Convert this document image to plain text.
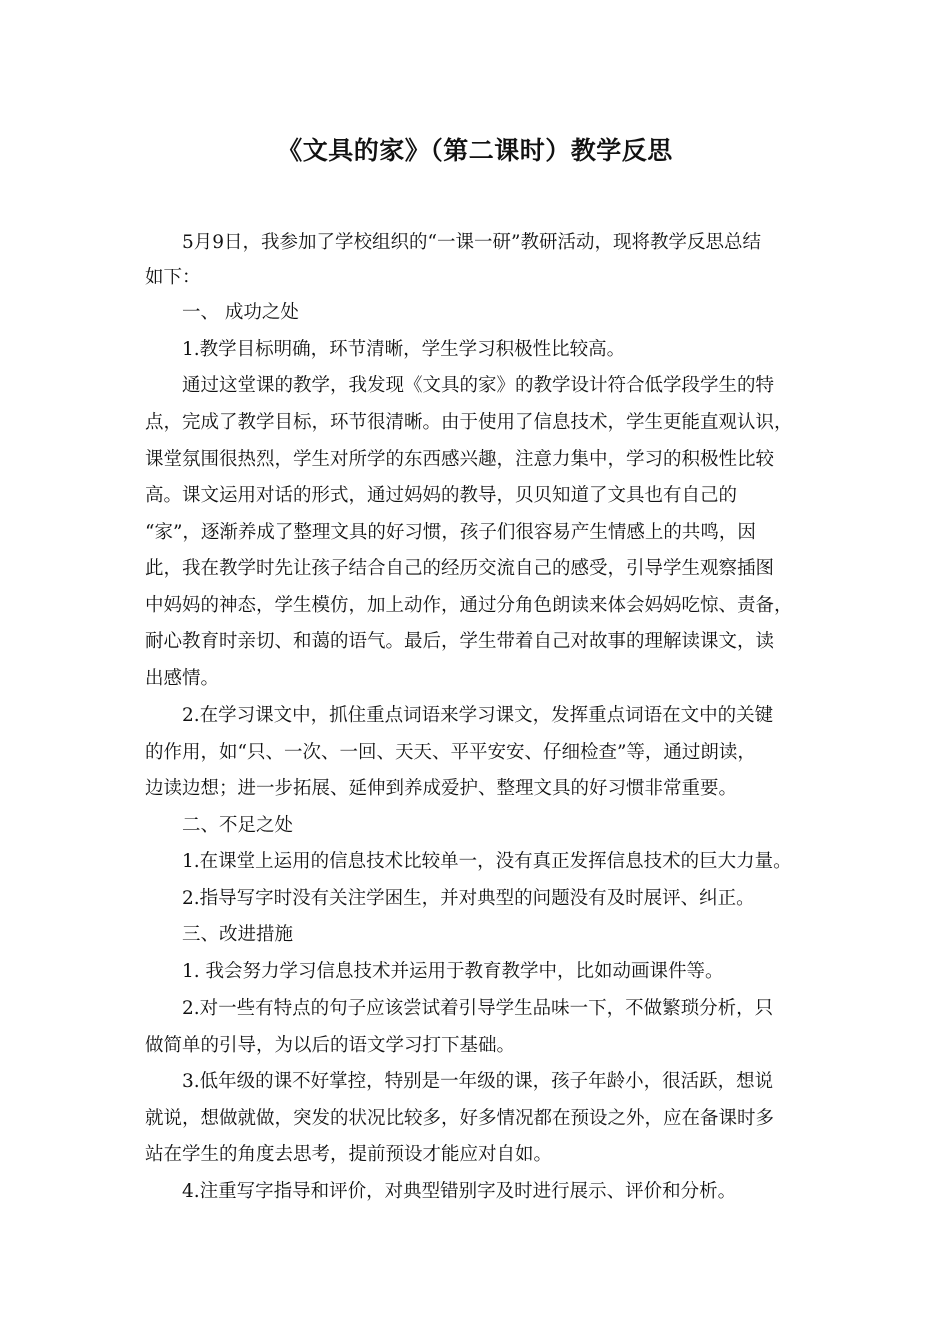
《文具的家》（第二课时）教学反思
5月9日，我参加了学校组织的“一课一研”教研活动，现将教学反思总结
如下：
一、 成功之处
1.教学目标明确，环节清晰，学生学习积极性比较高。
通过这堂课的教学，我发现《文具的家》的教学设计符合低学段学生的特
点，完成了教学目标，环节很清晰。由于使用了信息技术，学生更能直观认识，
课堂氛围很热烈，学生对所学的东西感兴趣，注意力集中，学习的积极性比较
高。课文运用对话的形式，通过妈妈的教导，贝贝知道了文具也有自己的
“家”，逐渐养成了整理文具的好习惯，孩子们很容易产生情感上的共鸣，因
此，我在教学时先让孩子结合自己的经历交流自己的感受，引导学生观察插图
中妈妈的神态，学生模仿，加上动作，通过分角色朗读来体会妈妈吃惊、责备，
耐心教育时亲切、和蔼的语气。最后，学生带着自己对故事的理解读课文，读
出感情。
2.在学习课文中，抓住重点词语来学习课文，发挥重点词语在文中的关键
的作用，如“只、一次、一回、天天、平平安安、仔细检查”等，通过朗读，
边读边想；进一步拓展、延伸到养成爱护、整理文具的好习惯非常重要。
二、不足之处
1.在课堂上运用的信息技术比较单一，没有真正发挥信息技术的巨大力量。
2.指导写字时没有关注学困生，并对典型的问题没有及时展评、纠正。
三、改进措施
1. 我会努力学习信息技术并运用于教育教学中，比如动画课件等。
2.对一些有特点的句子应该尝试着引导学生品味一下，不做繁琐分析，只
做简单的引导，为以后的语文学习打下基础。
3.低年级的课不好掌控，特别是一年级的课，孩子年龄小，很活跃，想说
就说，想做就做，突发的状况比较多，好多情况都在预设之外，应在备课时多
站在学生的角度去思考，提前预设才能应对自如。
4.注重写字指导和评价，对典型错别字及时进行展示、评价和分析。
